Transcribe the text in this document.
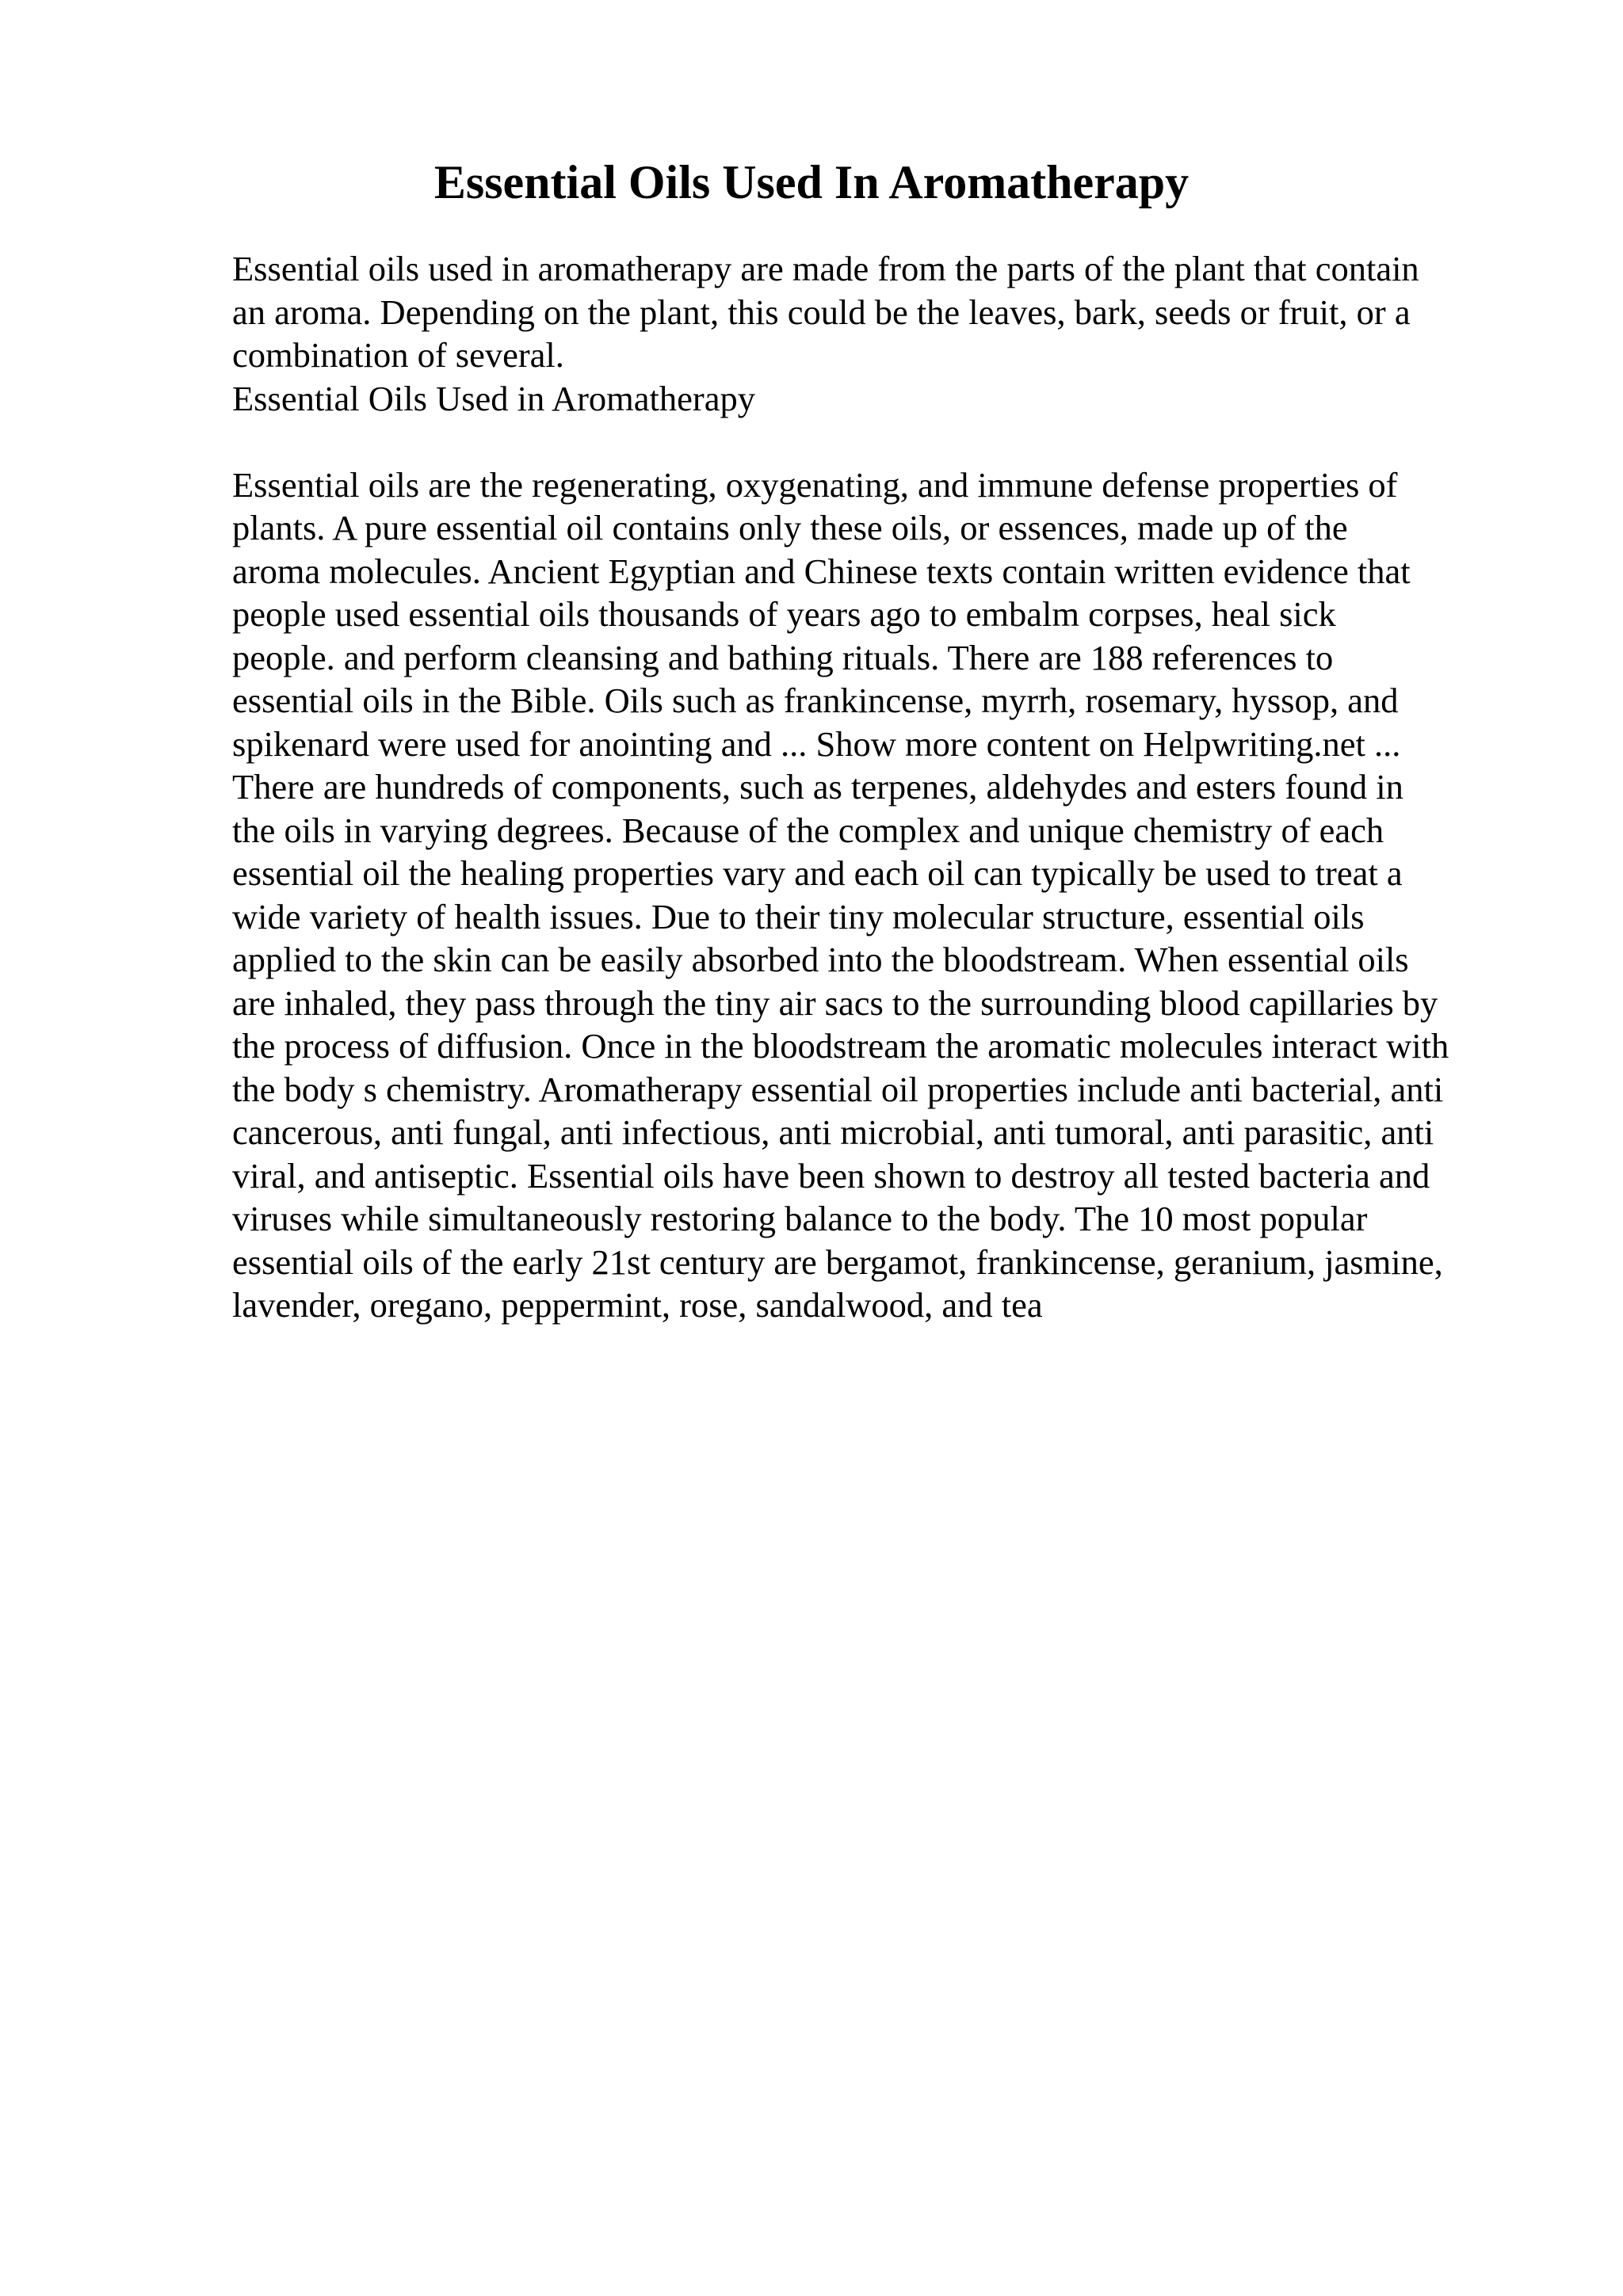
Essential Oils Used In Aromatherapy
Essential oils used in aromatherapy are made from the parts of the plant that contain
an aroma. Depending on the plant, this could be the leaves, bark, seeds or fruit, or a
combination of several.
Essential Oils Used in Aromatherapy
Essential oils are the regenerating, oxygenating, and immune defense properties of
plants. A pure essential oil contains only these oils, or essences, made up of the
aroma molecules. Ancient Egyptian and Chinese texts contain written evidence that
people used essential oils thousands of years ago to embalm corpses, heal sick
people. and perform cleansing and bathing rituals. There are 188 references to
essential oils in the Bible. Oils such as frankincense, myrrh, rosemary, hyssop, and
spikenard were used for anointing and ... Show more content on Helpwriting.net ...
There are hundreds of components, such as terpenes, aldehydes and esters found in
the oils in varying degrees. Because of the complex and unique chemistry of each
essential oil the healing properties vary and each oil can typically be used to treat a
wide variety of health issues. Due to their tiny molecular structure, essential oils
applied to the skin can be easily absorbed into the bloodstream. When essential oils
are inhaled, they pass through the tiny air sacs to the surrounding blood capillaries by
the process of diffusion. Once in the bloodstream the aromatic molecules interact with
the body s chemistry. Aromatherapy essential oil properties include anti bacterial, anti
cancerous, anti fungal, anti infectious, anti microbial, anti tumoral, anti parasitic, anti
viral, and antiseptic. Essential oils have been shown to destroy all tested bacteria and
viruses while simultaneously restoring balance to the body. The 10 most popular
essential oils of the early 21st century are bergamot, frankincense, geranium, jasmine,
lavender, oregano, peppermint, rose, sandalwood, and tea
